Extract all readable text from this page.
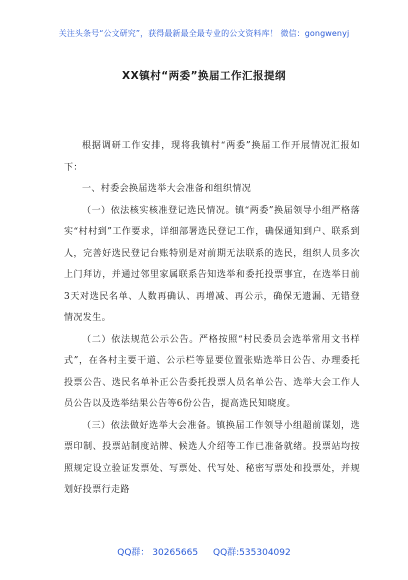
关注头条号“公文研究”，获得最新最全最专业的公文资料库！ 微信：gongwenyj
XX镇村“两委”换届工作汇报提纲

根据调研工作安排，现将我镇村“两委”换届工作开展情况汇报如下：

一、村委会换届选举大会准备和组织情况

（一）依法核实核准登记选民情况。镇“两委”换届领导小组严格落实“村村到”工作要求，详细部署选民登记工作，确保通知到户、联系到人，完善好选民登记台账特别是对前期无法联系的选民，组织人员多次上门拜访，并通过邻里家属联系告知选举和委托投票事宜，在选举日前3天对选民名单、人数再确认、再增减、再公示，确保无遗漏、无错登情况发生。

（二）依法规范公示公告。严格按照“村民委员会选举常用文书样式”，在各村主要干道、公示栏等显要位置张贴选举日公告、办理委托投票公告、选民名单补正公告委托投票人员名单公告、选举大会工作人员公告以及选举结果公告等6份公告，提高选民知晓度。

（三）依法做好选举大会准备。镇换届工作领导小组超前谋划，选票印制、投票站制度站牌、候选人介绍等工作已准备就绪。投票站均按照规定设立验证发票处、写票处、代写处、秘密写票处和投票处，并规划好投票行走路

QQ群： 30265665 QQ群:535304092
